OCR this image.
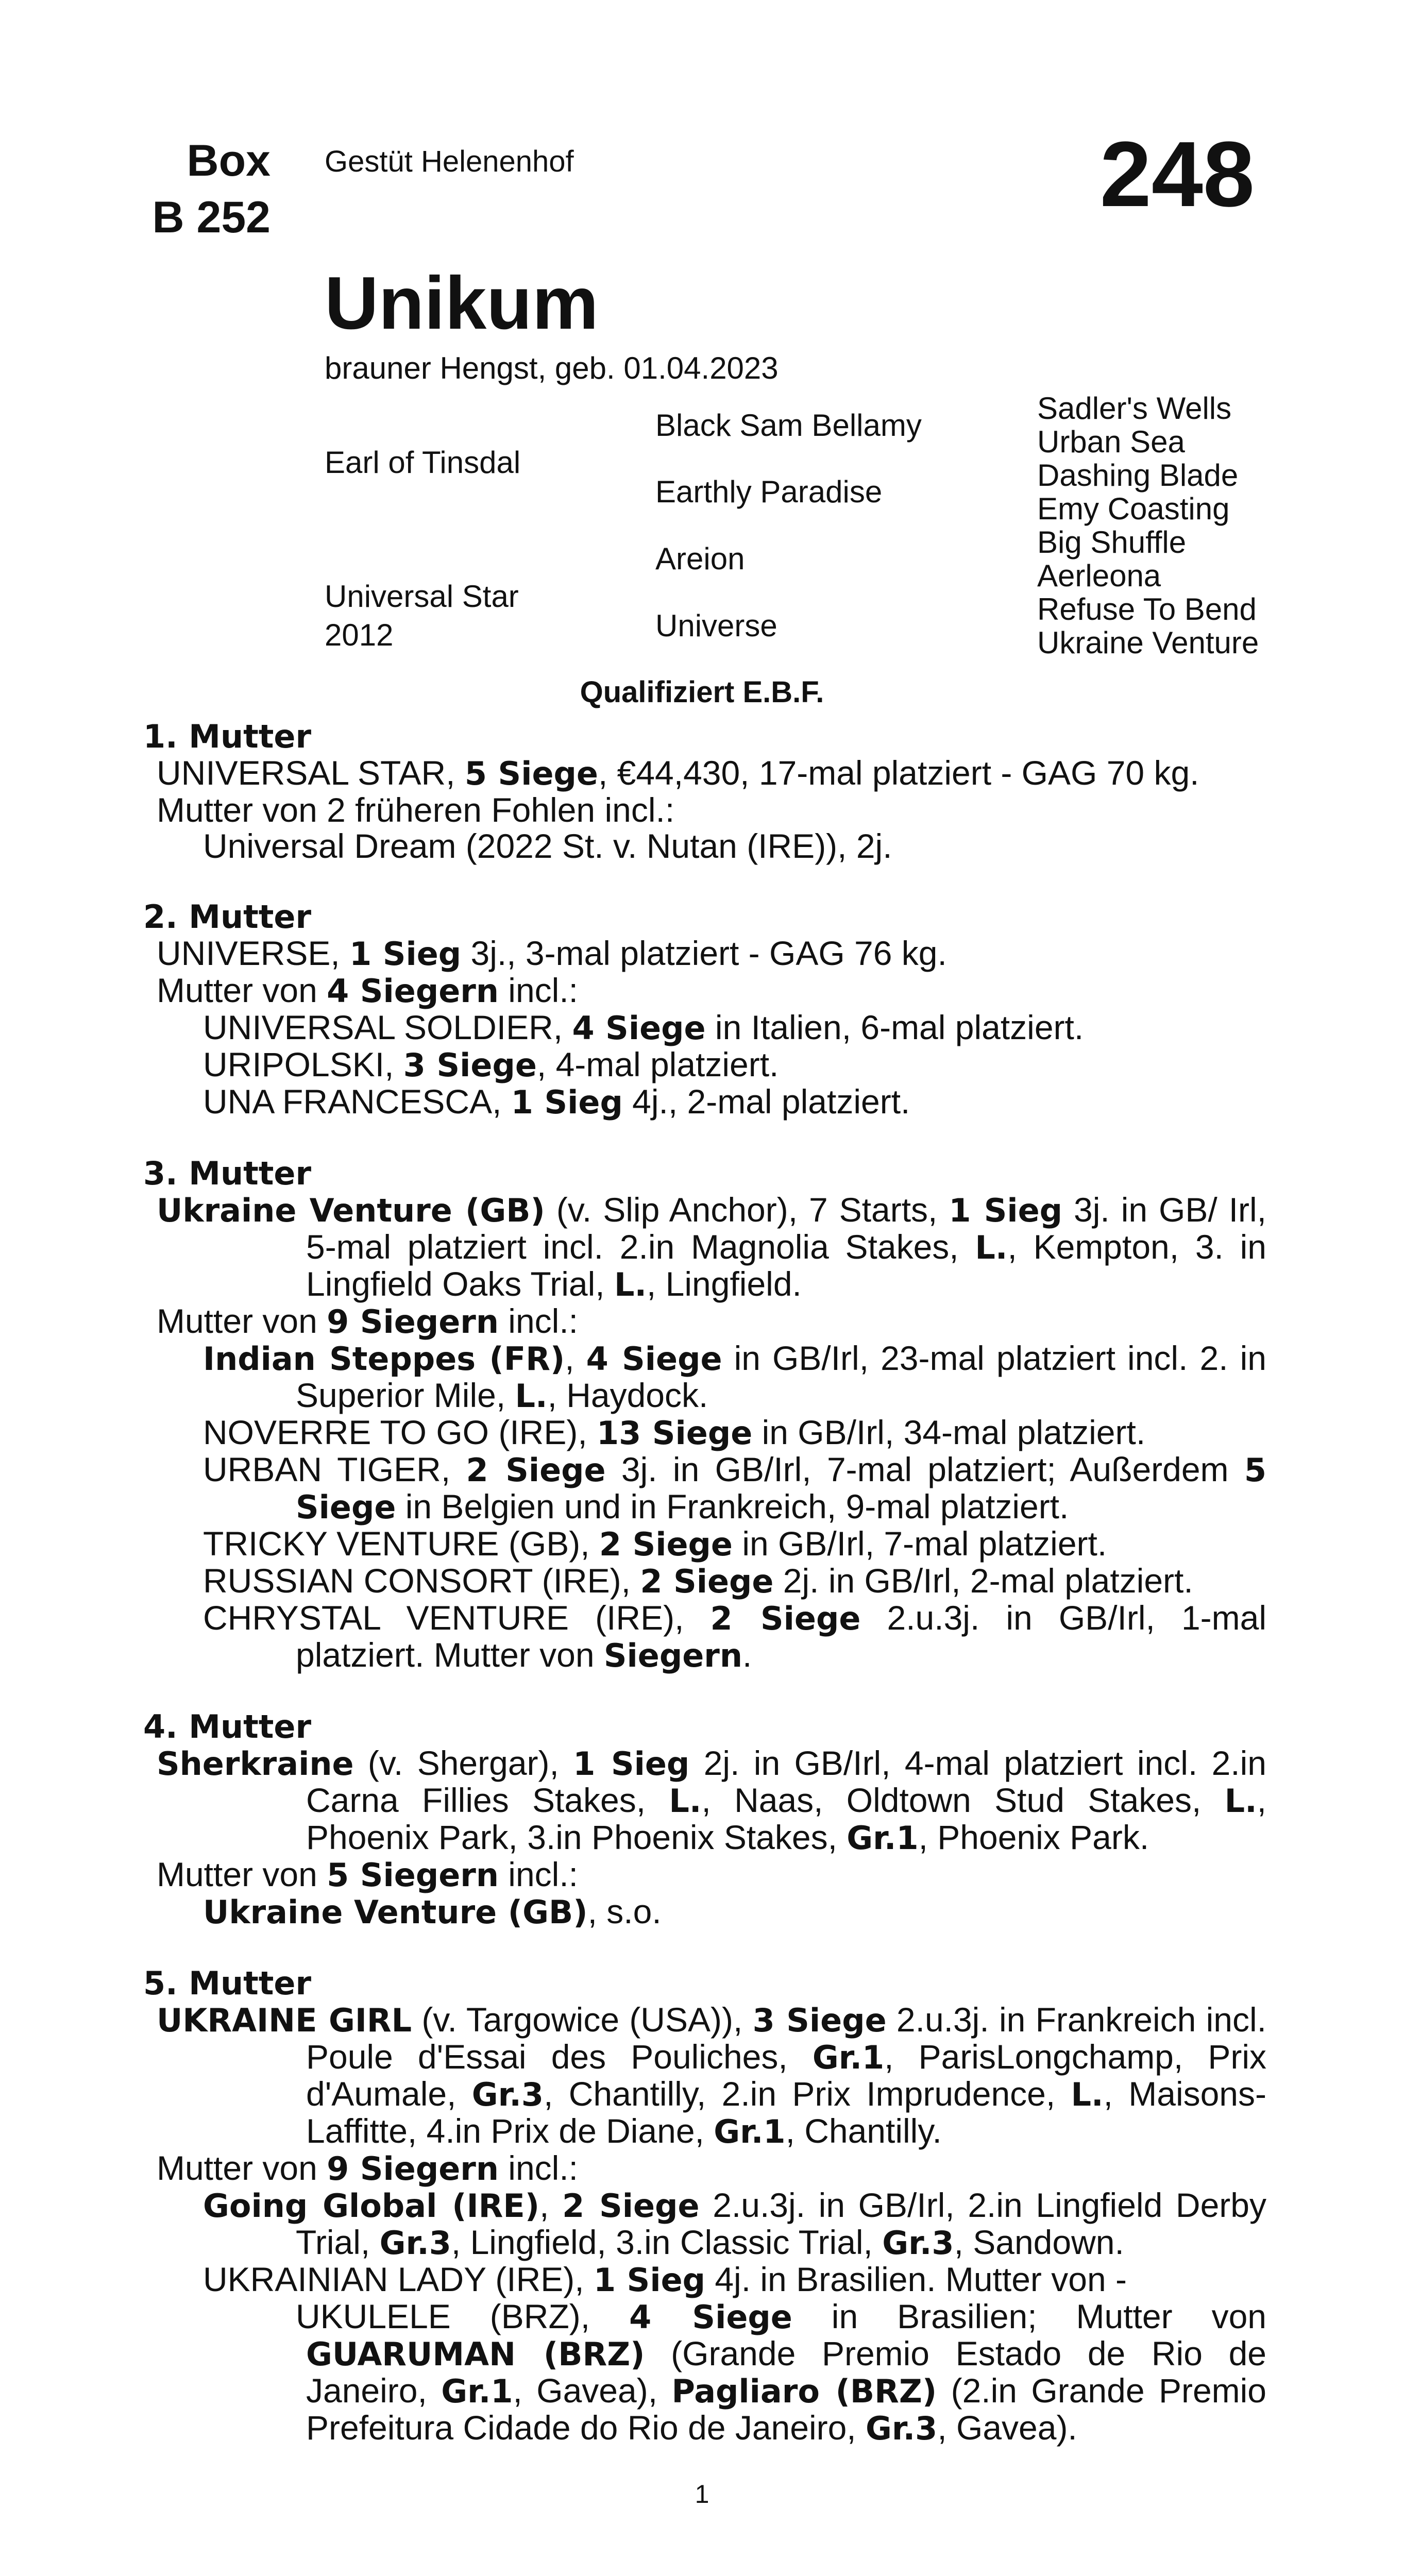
Box
B 252
Gestüt Helenenhof	248
Unikum
brauner Hengst, geb. 01.04.2023
Earl of Tinsdal
Universal Star
2012
Black Sam Bellamy
Earthly Paradise
Areion
Universe
Sadler's Wells
Urban Sea
Dashing Blade
Emy Coasting
Big Shuffle
Aerleona
Refuse To Bend
Ukraine Venture
Qualifiziert E.B.F.
1. Mutter
UNIVERSAL STAR, 5 Siege, €44,430, 17-mal platziert - GAG 70 kg.
Mutter von 2 früheren Fohlen incl.:
Universal Dream (2022 St. v. Nutan (IRE)), 2j.
2. Mutter
UNIVERSE, 1 Sieg 3j., 3-mal platziert - GAG 76 kg.
Mutter von 4 Siegern incl.:
UNIVERSAL SOLDIER, 4 Siege in Italien, 6-mal platziert.
URIPOLSKI, 3 Siege, 4-mal platziert.
UNA FRANCESCA, 1 Sieg 4j., 2-mal platziert.
3. Mutter
Ukraine Venture (GB) (v. Slip Anchor), 7 Starts, 1 Sieg 3j. in GB/ Irl, 5-mal platziert incl. 2.in Magnolia Stakes, L., Kempton, 3. in Lingfield Oaks Trial, L., Lingfield.
Mutter von 9 Siegern incl.:
Indian Steppes (FR), 4 Siege in GB/Irl, 23-mal platziert incl. 2. in Superior Mile, L., Haydock.
NOVERRE TO GO (IRE), 13 Siege in GB/Irl, 34-mal platziert.
URBAN TIGER, 2 Siege 3j. in GB/Irl, 7-mal platziert; Außerdem 5 Siege in Belgien und in Frankreich, 9-mal platziert.
TRICKY VENTURE (GB), 2 Siege in GB/Irl, 7-mal platziert.
RUSSIAN CONSORT (IRE), 2 Siege 2j. in GB/Irl, 2-mal platziert.
CHRYSTAL VENTURE (IRE), 2 Siege 2.u.3j. in GB/Irl, 1-mal platziert. Mutter von Siegern.
4. Mutter
Sherkraine (v. Shergar), 1 Sieg 2j. in GB/Irl, 4-mal platziert incl. 2.in Carna Fillies Stakes, L., Naas, Oldtown Stud Stakes, L., Phoenix Park, 3.in Phoenix Stakes, Gr.1, Phoenix Park.
Mutter von 5 Siegern incl.:
Ukraine Venture (GB), s.o.
5. Mutter
UKRAINE GIRL (v. Targowice (USA)), 3 Siege 2.u.3j. in Frankreich incl. Poule d'Essai des Pouliches, Gr.1, ParisLongchamp, Prix d'Aumale, Gr.3, Chantilly, 2.in Prix Imprudence, L., Maisons-Laffitte, 4.in Prix de Diane, Gr.1, Chantilly.
Mutter von 9 Siegern incl.:
Going Global (IRE), 2 Siege 2.u.3j. in GB/Irl, 2.in Lingfield Derby Trial, Gr.3, Lingfield, 3.in Classic Trial, Gr.3, Sandown.
UKRAINIAN LADY (IRE), 1 Sieg 4j. in Brasilien. Mutter von -
UKULELE (BRZ), 4 Siege in Brasilien; Mutter von GUARUMAN (BRZ) (Grande Premio Estado de Rio de Janeiro, Gr.1, Gavea), Pagliaro (BRZ) (2.in Grande Premio Prefeitura Cidade do Rio de Janeiro, Gr.3, Gavea).
1
